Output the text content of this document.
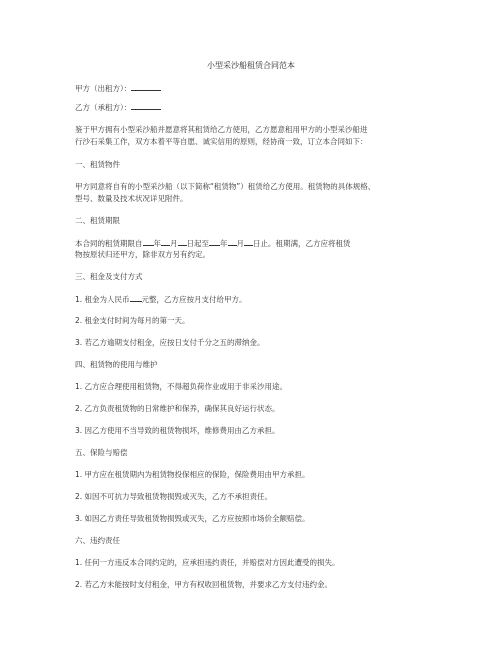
小型采沙船租赁合同范本
甲方（出租方）：
乙方（承租方）：
鉴于甲方拥有小型采沙船并愿意将其租赁给乙方使用，乙方愿意租用甲方的小型采沙船进
行沙石采集工作，双方本着平等自愿、诚实信用的原则，经协商一致，订立本合同如下：
一、租赁物件
甲方同意将自有的小型采沙船（以下简称“租赁物”）租赁给乙方使用。租赁物的具体规格、
型号、数量及技术状况详见附件。
二、租赁期限
本合同的租赁期限自 年 月 日起至 年 月 日止。租期满，乙方应将租赁
物按原状归还甲方，除非双方另有约定。
三、租金及支付方式
1. 租金为人民币 元整，乙方应按月支付给甲方。
2. 租金支付时间为每月的第一天。
3. 若乙方逾期支付租金，应按日支付千分之五的滞纳金。
四、租赁物的使用与维护
1. 乙方应合理使用租赁物，不得超负荷作业或用于非采沙用途。
2. 乙方负责租赁物的日常维护和保养，确保其良好运行状态。
3. 因乙方使用不当导致的租赁物损坏，维修费用由乙方承担。
五、保险与赔偿
1. 甲方应在租赁期内为租赁物投保相应的保险，保险费用由甲方承担。
2. 如因不可抗力导致租赁物损毁或灭失，乙方不承担责任。
3. 如因乙方责任导致租赁物损毁或灭失，乙方应按照市场价全额赔偿。
六、违约责任
1. 任何一方违反本合同约定的，应承担违约责任，并赔偿对方因此遭受的损失。
2. 若乙方未能按时支付租金，甲方有权收回租赁物，并要求乙方支付违约金。
